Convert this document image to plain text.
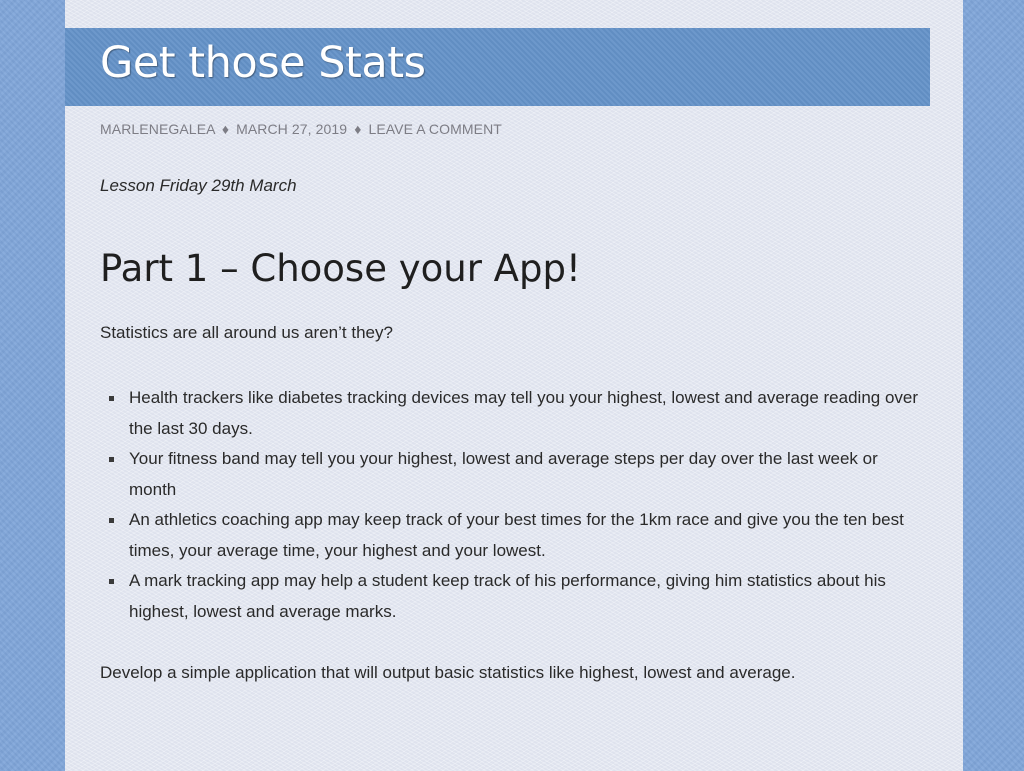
Get those Stats
MARLENEGALEA ♦ MARCH 27, 2019 ♦ LEAVE A COMMENT
Lesson Friday 29th March
Part 1 – Choose your App!
Statistics are all around us aren’t they?
Health trackers like diabetes tracking devices may tell you your highest, lowest and average reading over the last 30 days.
Your fitness band may tell you your highest, lowest and average steps per day over the last week or month
An athletics coaching app may keep track of your best times for the 1km race and give you the ten best times, your average time, your highest and your lowest.
A mark tracking app may help a student keep track of his performance, giving him statistics about his highest, lowest and average marks.
Develop a simple application that will output basic statistics like highest, lowest and average.
